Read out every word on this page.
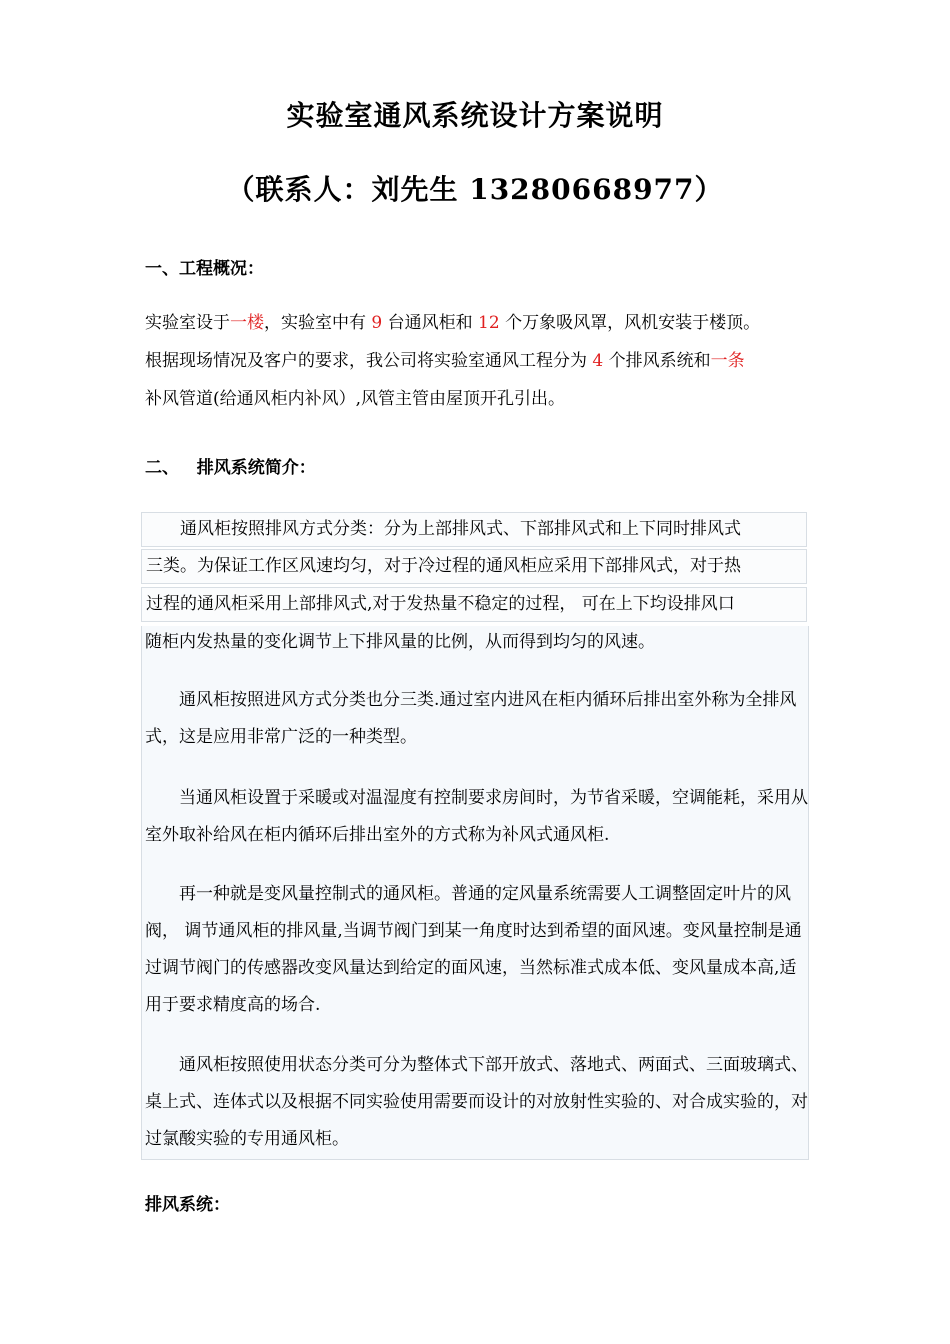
实验室通风系统设计方案说明
（联系人：刘先生 13280668977）
一、工程概况：
实验室设于一楼，实验室中有 9 台通风柜和 12 个万象吸风罩，风机安装于楼顶。
根据现场情况及客户的要求，我公司将实验室通风工程分为 4 个排风系统和一条
补风管道(给通风柜内补风）,风管主管由屋顶开孔引出。
二、   排风系统简介：
　　通风柜按照排风方式分类：分为上部排风式、下部排风式和上下同时排风式
三类。为保证工作区风速均匀，对于冷过程的通风柜应采用下部排风式，对于热
过程的通风柜采用上部排风式,对于发热量不稳定的过程， 可在上下均设排风口
随柜内发热量的变化调节上下排风量的比例，从而得到均匀的风速。
通风柜按照进风方式分类也分三类.通过室内进风在柜内循环后排出室外称为全排风式，这是应用非常广泛的一种类型。
当通风柜设置于采暖或对温湿度有控制要求房间时，为节省采暖，空调能耗，采用从室外取补给风在柜内循环后排出室外的方式称为补风式通风柜.
再一种就是变风量控制式的通风柜。普通的定风量系统需要人工调整固定叶片的风阀， 调节通风柜的排风量,当调节阀门到某一角度时达到希望的面风速。变风量控制是通过调节阀门的传感器改变风量达到给定的面风速，当然标准式成本低、变风量成本高,适用于要求精度高的场合.
通风柜按照使用状态分类可分为整体式下部开放式、落地式、两面式、三面玻璃式、桌上式、连体式以及根据不同实验使用需要而设计的对放射性实验的、对合成实验的，对过氯酸实验的专用通风柜。
排风系统：
